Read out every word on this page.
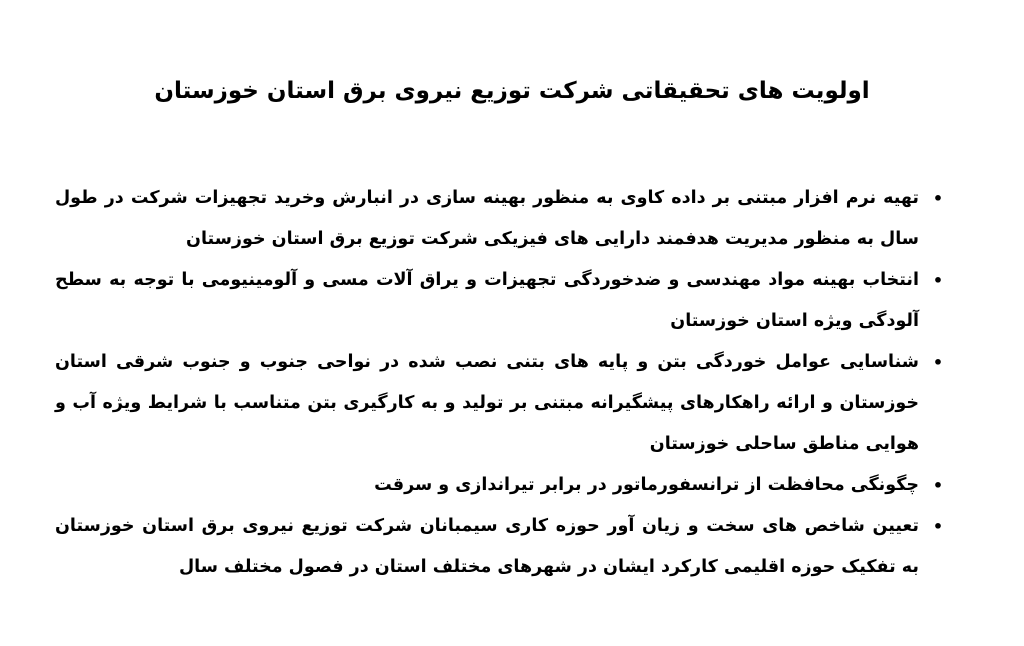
اولویت های تحقیقاتی شرکت توزیع نیروی برق استان خوزستان
•
تهیه نرم افزار مبتنی بر داده کاوی به منظور بهینه سازی در انبارش وخرید تجهیزات شرکت در طول سال به منظور مدیریت هدفمند دارایی های فیزیکی شرکت توزیع برق استان خوزستان
•
انتخاب بهینه مواد مهندسی و ضدخوردگی تجهیزات و یراق آلات مسی و آلومینیومی با توجه به سطح آلودگی ویژه استان خوزستان
•
شناسایی عوامل خوردگی بتن و پایه های بتنی نصب شده در نواحی جنوب و جنوب شرقی استان خوزستان و ارائه راهکارهای پیشگیرانه مبتنی بر تولید و به کارگیری بتن متناسب با شرایط ویژه آب و هوایی مناطق ساحلی خوزستان
•
چگونگی محافظت از ترانسفورماتور در برابر تیراندازی و سرقت
•
تعیین شاخص های سخت و زیان آور حوزه کاری سیمبانان شرکت توزیع نیروی برق استان خوزستان به تفکیک حوزه اقلیمی کارکرد ایشان در شهرهای مختلف استان در فصول مختلف سال
